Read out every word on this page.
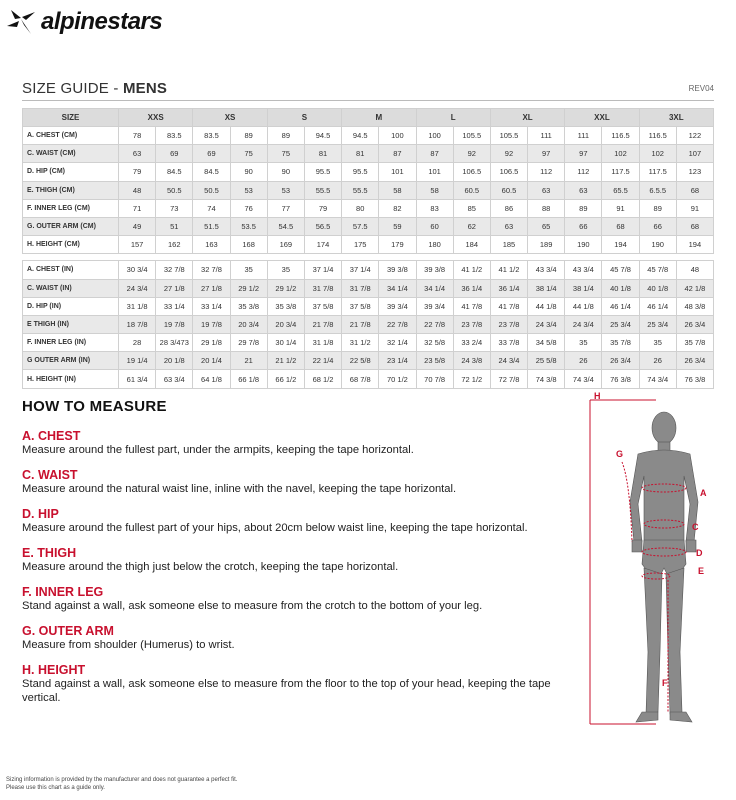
alpinestars
SIZE GUIDE - MENS	REV04
SIZE	XXS		XS		S		M		L		XL		XXL		3XL	
A. CHEST (CM)	78	83.5	83.5	89	89	94.5	94.5	100	100	105.5	105.5	111	111	116.5	116.5	122
C. WAIST (CM)	63	69	69	75	75	81	81	87	87	92	92	97	97	102	102	107
D. HIP (CM)	79	84.5	84.5	90	90	95.5	95.5	101	101	106.5	106.5	112	112	117.5	117.5	123
E. THIGH (CM)	48	50.5	50.5	53	53	55.5	55.5	58	58	60.5	60.5	63	63	65.5	6.5.5	68
F. INNER LEG (CM)	71	73	74	76	77	79	80	82	83	85	86	88	89	91	89	91
G. OUTER ARM (CM)	49	51	51.5	53.5	54.5	56.5	57.5	59	60	62	63	65	66	68	66	68
H. HEIGHT (CM)	157	162	163	168	169	174	175	179	180	184	185	189	190	194	190	194

A. CHEST (IN)	30 3/4	32 7/8	32 7/8	35	35	37 1/4	37 1/4	39 3/8	39 3/8	41 1/2	41 1/2	43 3/4	43 3/4	45 7/8	45 7/8	48
C. WAIST (IN)	24 3/4	27 1/8	27 1/8	29 1/2	29 1/2	31 7/8	31 7/8	34 1/4	34 1/4	36 1/4	36 1/4	38 1/4	38 1/4	40 1/8	40 1/8	42 1/8
D. HIP (IN)	31 1/8	33 1/4	33 1/4	35 3/8	35 3/8	37 5/8	37 5/8	39 3/4	39 3/4	41 7/8	41 7/8	44 1/8	44 1/8	46 1/4	46 1/4	48 3/8
E THIGH (IN)	18 7/8	19 7/8	19 7/8	20 3/4	20 3/4	21 7/8	21 7/8	22 7/8	22 7/8	23 7/8	23 7/8	24 3/4	24 3/4	25 3/4	25 3/4	26 3/4
F. INNER LEG (IN)	28	28 3/473	29 1/8	29 7/8	30 1/4	31 1/8	31 1/2	32 1/4	32 5/8	33 2/4	33 7/8	34 5/8	35	35 7/8	35	35 7/8
G OUTER ARM (IN)	19 1/4	20 1/8	20 1/4	21	21 1/2	22 1/4	22 5/8	23 1/4	23 5/8	24 3/8	24 3/4	25 5/8	26	26 3/4	26	26 3/4
H. HEIGHT (IN)	61 3/4	63 3/4	64 1/8	66 1/8	66 1/2	68 1/2	68 7/8	70 1/2	70 7/8	72 1/2	72 7/8	74 3/8	74 3/4	76 3/8	74 3/4	76 3/8
HOW TO MEASURE
A. CHEST
Measure around the fullest part, under the armpits, keeping the tape horizontal.
C. WAIST
Measure around the natural waist line, inline with the navel, keeping the tape horizontal.
D. HIP
Measure around the fullest part of your hips, about 20cm below waist line, keeping the tape horizontal.
E. THIGH
Measure around the thigh just below the crotch, keeping the tape horizontal.
F. INNER LEG
Stand against a wall, ask someone else to measure from the crotch to the bottom of your leg.
G. OUTER ARM
Measure from shoulder (Humerus) to wrist.
H. HEIGHT
Stand against a wall, ask someone else to measure from the floor to the top of your head, keeping the tape vertical.
H
G
A
C
D
E
F
Sizing information is provided by the manufacturer and does not guarantee a perfect fit.
Please use this chart as a guide only.
